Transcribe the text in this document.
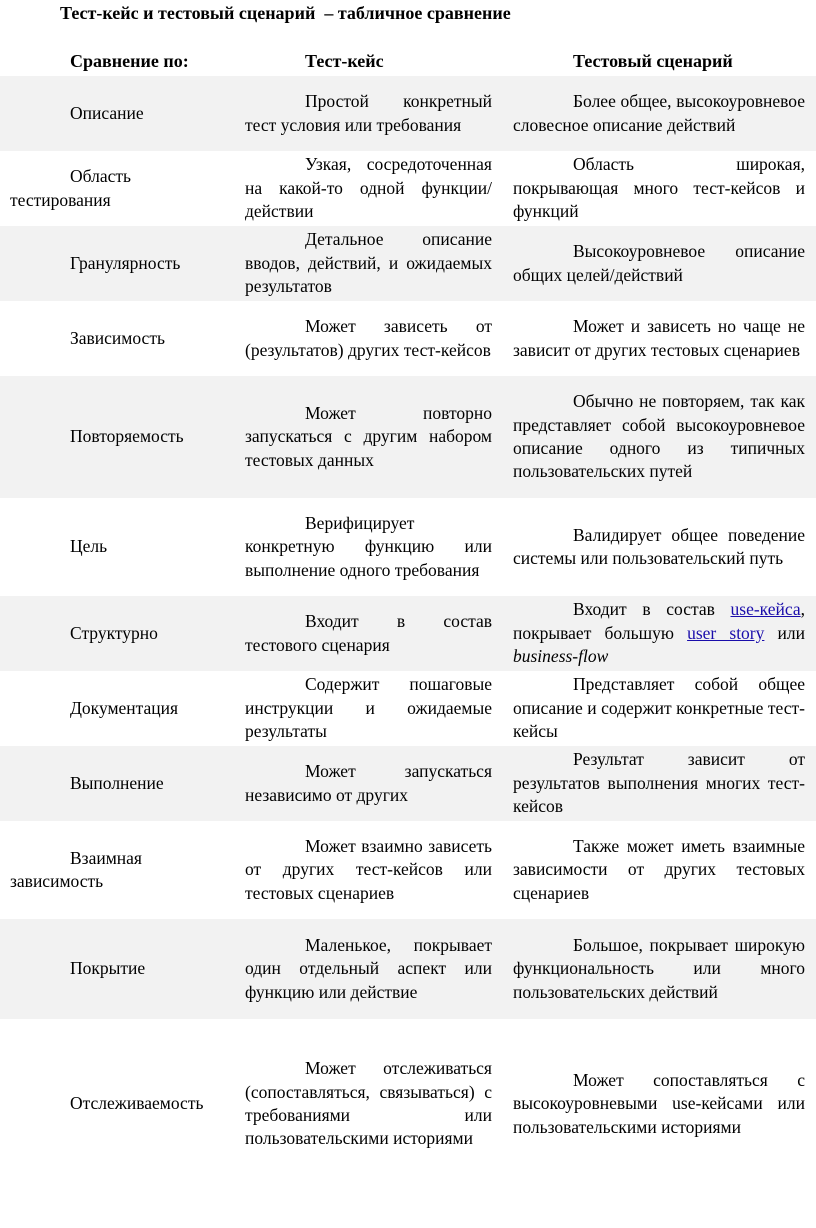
Тест-кейс и тестовый сценарий  – табличное сравнение
Сравнение по:	Тест-кейс	Тестовый сценарий
Описание
Простой конкретный тест условия или требования
Более общее, высокоуровневое словесное описание действий
Область тестирования
Узкая, сосредоточенная на какой-то одной функции/действии
Область широкая, покрывающая много тест-кейсов и функций
Гранулярность
Детальное описание вводов, действий, и ожидаемых результатов
Высокоуровневое описание общих целей/действий
Зависимость
Может зависеть от (результатов) других тест-кейсов
Может и зависеть но чаще не зависит от других тестовых сценариев
Повторяемость
Может повторно запускаться с другим набором тестовых данных
Обычно не повторяем, так как представляет собой высокоуровневое описание одного из типичных пользовательских путей
Цель
Верифицирует конкретную функцию или выполнение одного требования
Валидирует общее поведение системы или пользовательский путь
Структурно
Входит в состав тестового сценария
Входит в состав use-кейса, покрывает большую user story или business-flow
Документация
Содержит пошаговые инструкции и ожидаемые результаты
Представляет собой общее описание и содержит конкретные тест-кейсы
Выполнение
Может запускаться независимо от других
Результат зависит от результатов выполнения многих тест-кейсов
Взаимная зависимость
Может взаимно зависеть от других тест-кейсов или тестовых сценариев
Также может иметь взаимные зависимости от других тестовых сценариев
Покрытие
Маленькое, покрывает один отдельный аспект или функцию или действие
Большое, покрывает широкую функциональность или много пользовательских действий
Отслеживаемость
Может отслеживаться (сопоставляться, связываться) с требованиями или пользовательскими историями
Может сопоставляться с высокоуровневыми use-кейсами или пользовательскими историями
